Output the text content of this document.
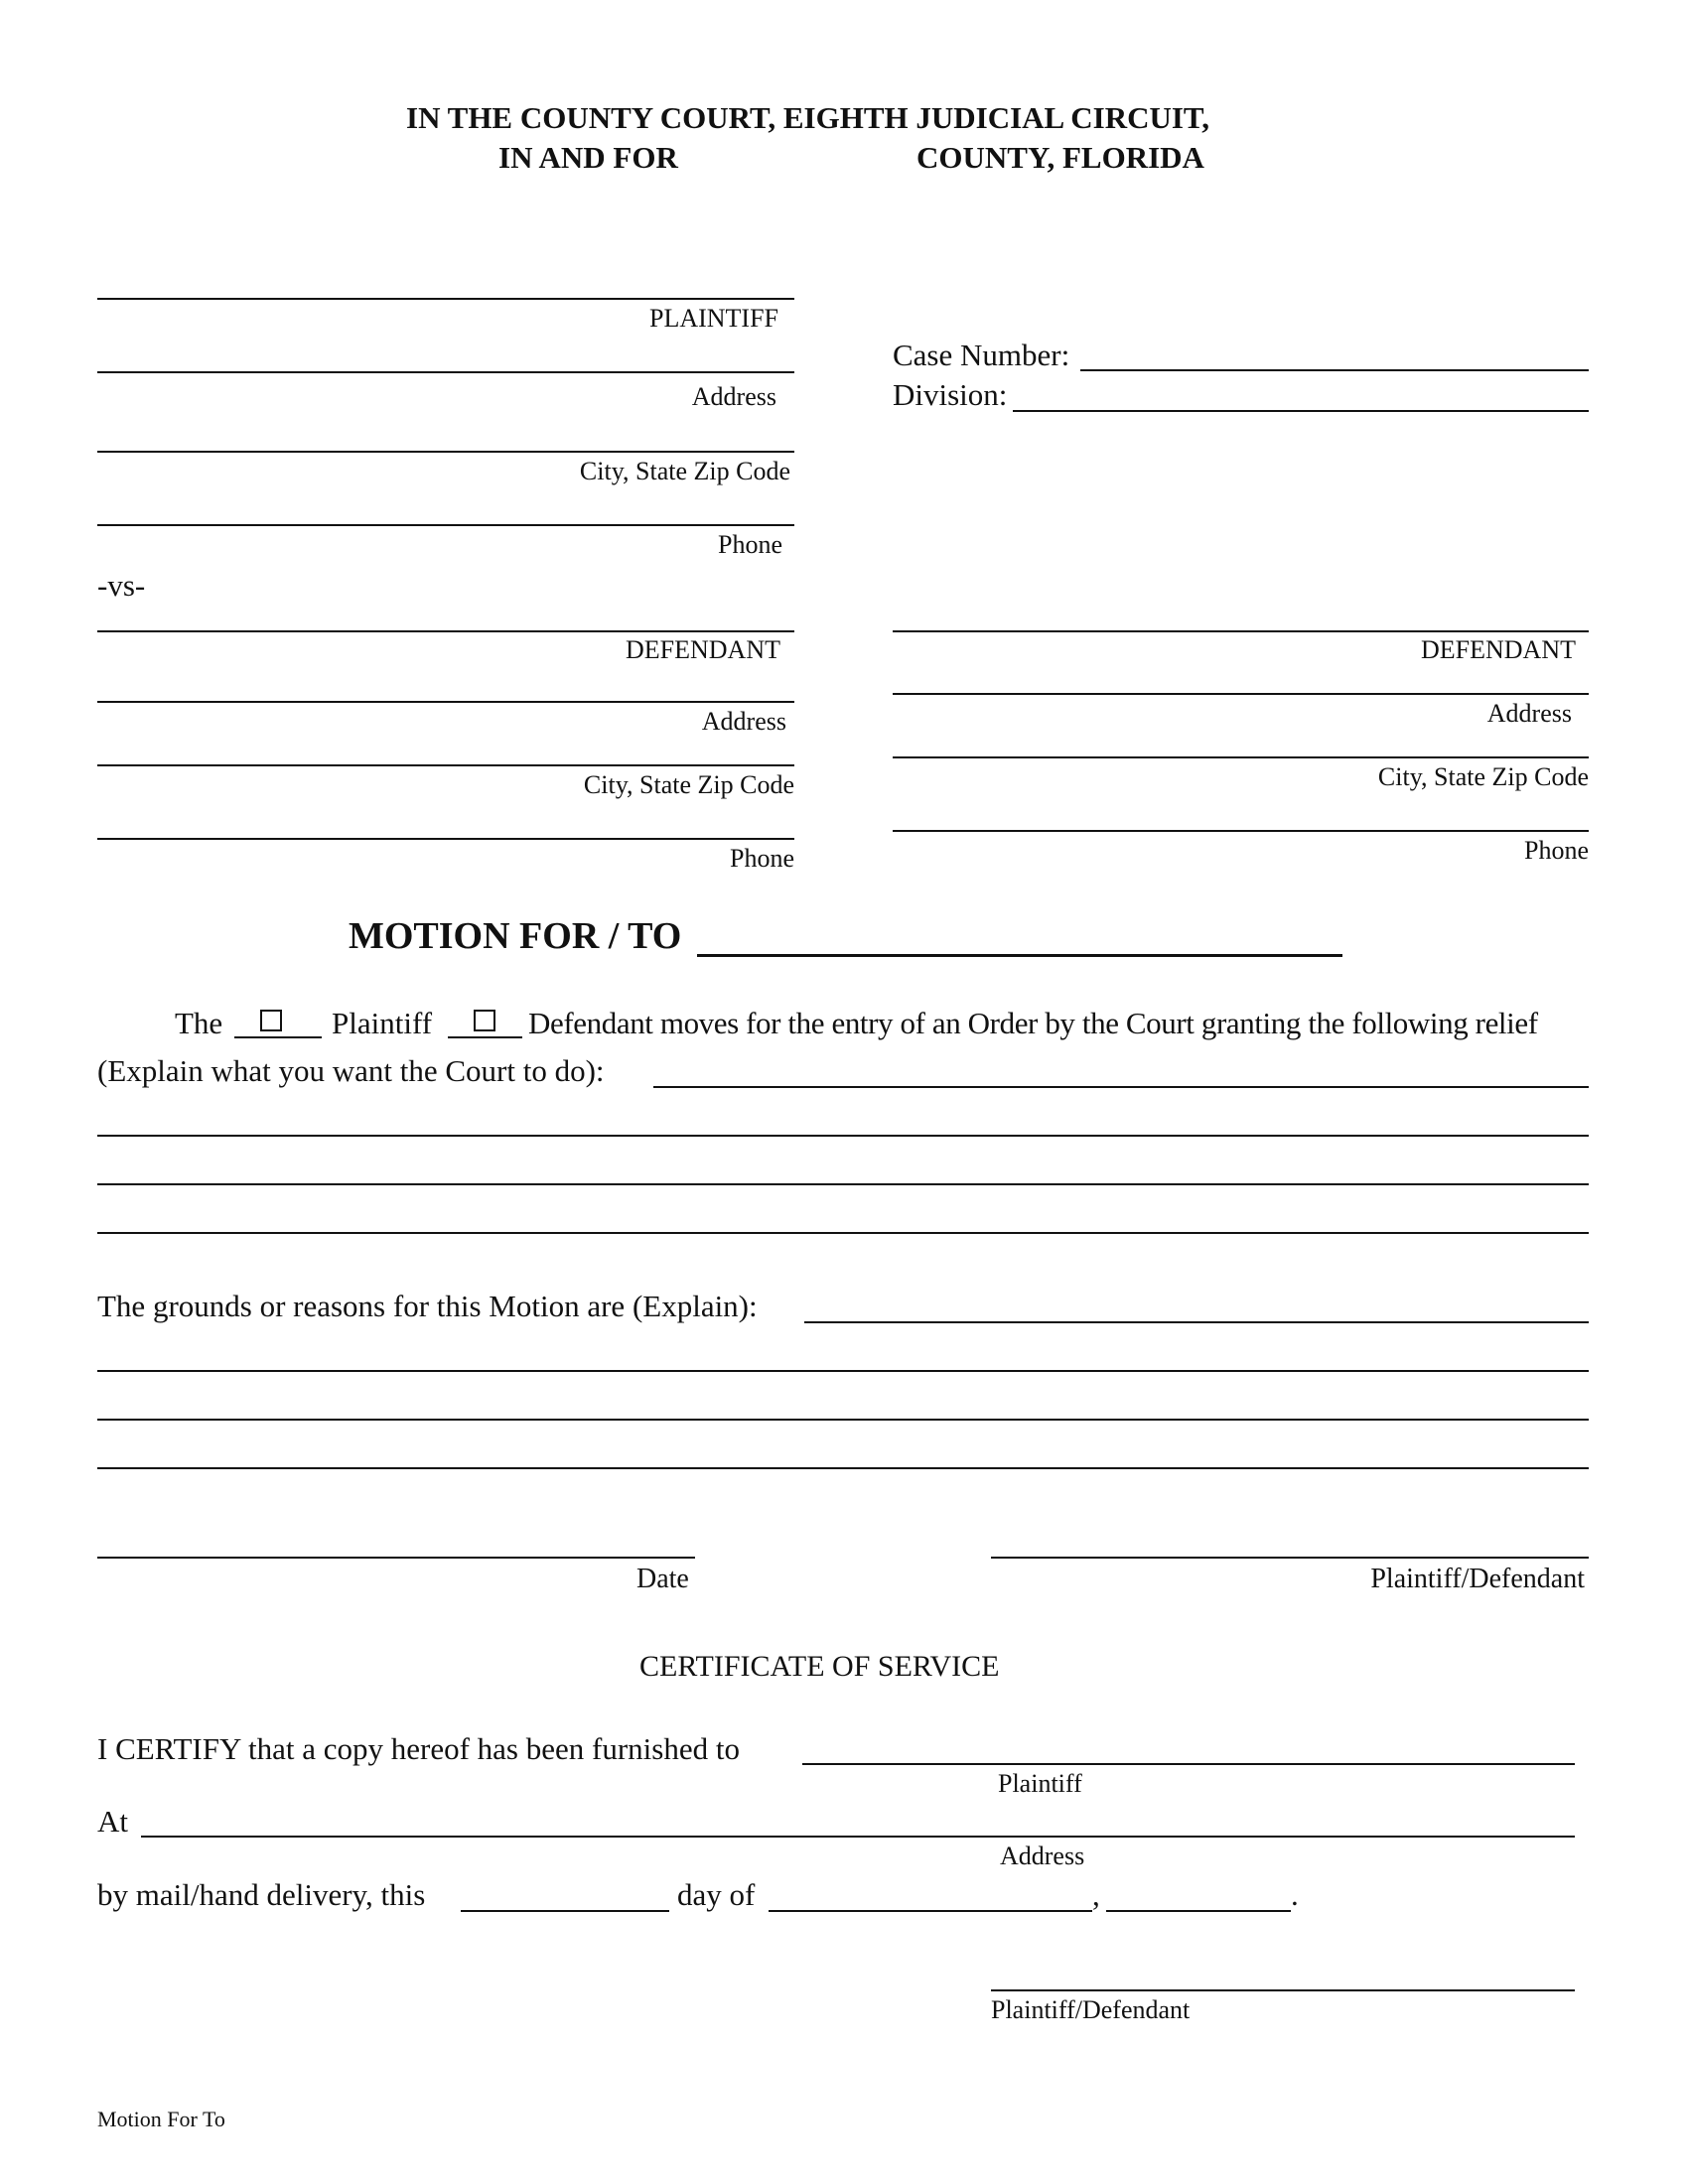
IN THE COUNTY COURT, EIGHTH JUDICIAL CIRCUIT,
IN AND FOR	COUNTY, FLORIDA
PLAINTIFF
Address
City, State Zip Code
Phone
Case Number:
Division:
-vs-
DEFENDANT
Address
City, State Zip Code
Phone
DEFENDANT
Address
City, State Zip Code
Phone
MOTION FOR / TO
The	Plaintiff	Defendant moves for the entry of an Order by the Court granting the following relief
(Explain what you want the Court to do):
The grounds or reasons for this Motion are (Explain):
Date	Plaintiff/Defendant
CERTIFICATE OF SERVICE
I CERTIFY that a copy hereof has been furnished to
Plaintiff
At
Address
by mail/hand delivery, this	day of	,	.
Plaintiff/Defendant
Motion For To
